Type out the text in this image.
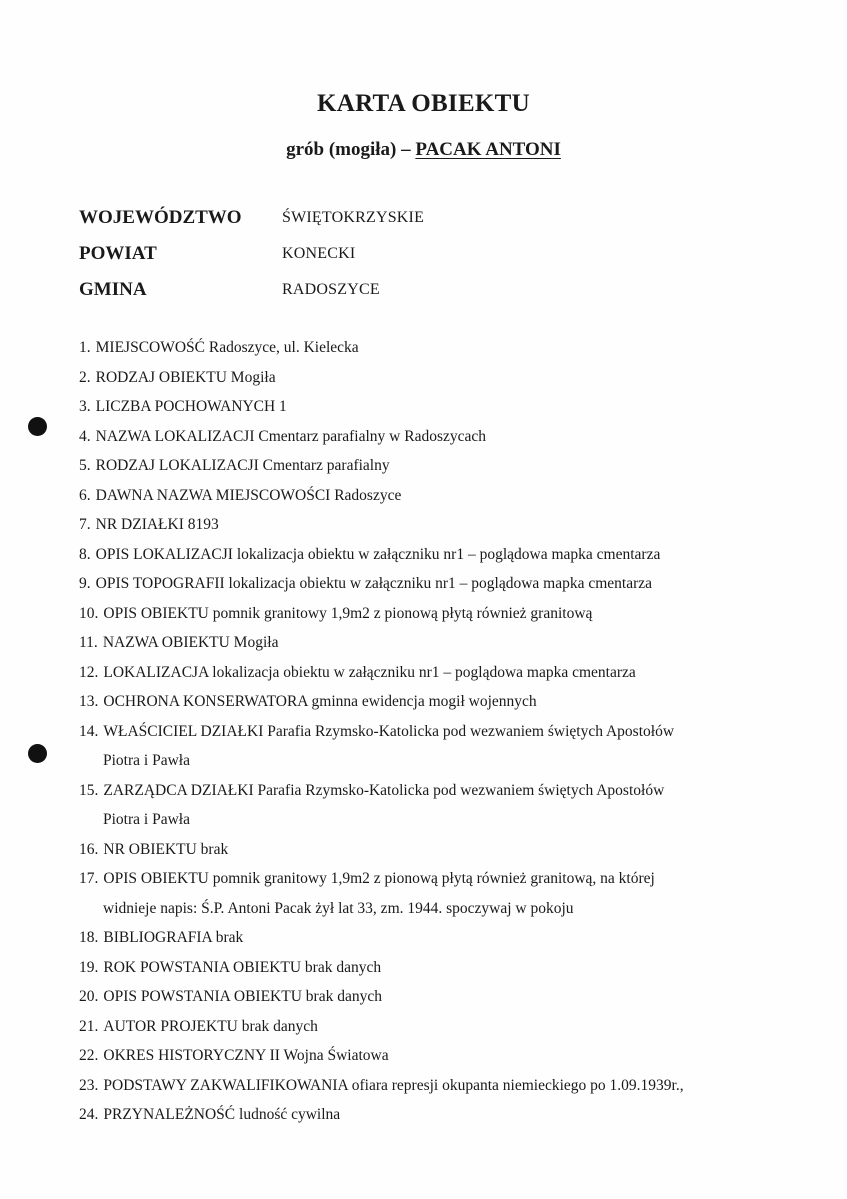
KARTA OBIEKTU
grób (mogiła) – PACAK ANTONI
WOJEWÓDZTWO	ŚWIĘTOKRZYSKIE
POWIAT	KONECKI
GMINA	RADOSZYCE
1. MIEJSCOWOŚĆ Radoszyce, ul. Kielecka
2. RODZAJ OBIEKTU Mogiła
3. LICZBA POCHOWANYCH 1
4. NAZWA LOKALIZACJI Cmentarz parafialny w Radoszycach
5. RODZAJ LOKALIZACJI Cmentarz parafialny
6. DAWNA NAZWA MIEJSCOWOŚCI Radoszyce
7. NR DZIAŁKI 8193
8. OPIS LOKALIZACJI lokalizacja obiektu w załączniku nr1 – poglądowa mapka cmentarza
9. OPIS TOPOGRAFII lokalizacja obiektu w załączniku nr1 – poglądowa mapka cmentarza
10. OPIS OBIEKTU pomnik granitowy 1,9m2 z pionową płytą również granitową
11. NAZWA OBIEKTU Mogiła
12. LOKALIZACJA lokalizacja obiektu w załączniku nr1 – poglądowa mapka cmentarza
13. OCHRONA KONSERWATORA gminna ewidencja mogił wojennych
14. WŁAŚCICIEL DZIAŁKI Parafia Rzymsko-Katolicka pod wezwaniem świętych Apostołów
Piotra i Pawła
15. ZARZĄDCA DZIAŁKI Parafia Rzymsko-Katolicka pod wezwaniem świętych Apostołów
Piotra i Pawła
16. NR OBIEKTU brak
17. OPIS OBIEKTU pomnik granitowy 1,9m2 z pionową płytą również granitową, na której
widnieje napis: Ś.P. Antoni Pacak żył lat 33, zm. 1944. spoczywaj w pokoju
18. BIBLIOGRAFIA brak
19. ROK POWSTANIA OBIEKTU brak danych
20. OPIS POWSTANIA OBIEKTU brak danych
21. AUTOR PROJEKTU brak danych
22. OKRES HISTORYCZNY II Wojna Światowa
23. PODSTAWY ZAKWALIFIKOWANIA ofiara represji okupanta niemieckiego po 1.09.1939r.,
24. PRZYNALEŻNOŚĆ ludność cywilna
